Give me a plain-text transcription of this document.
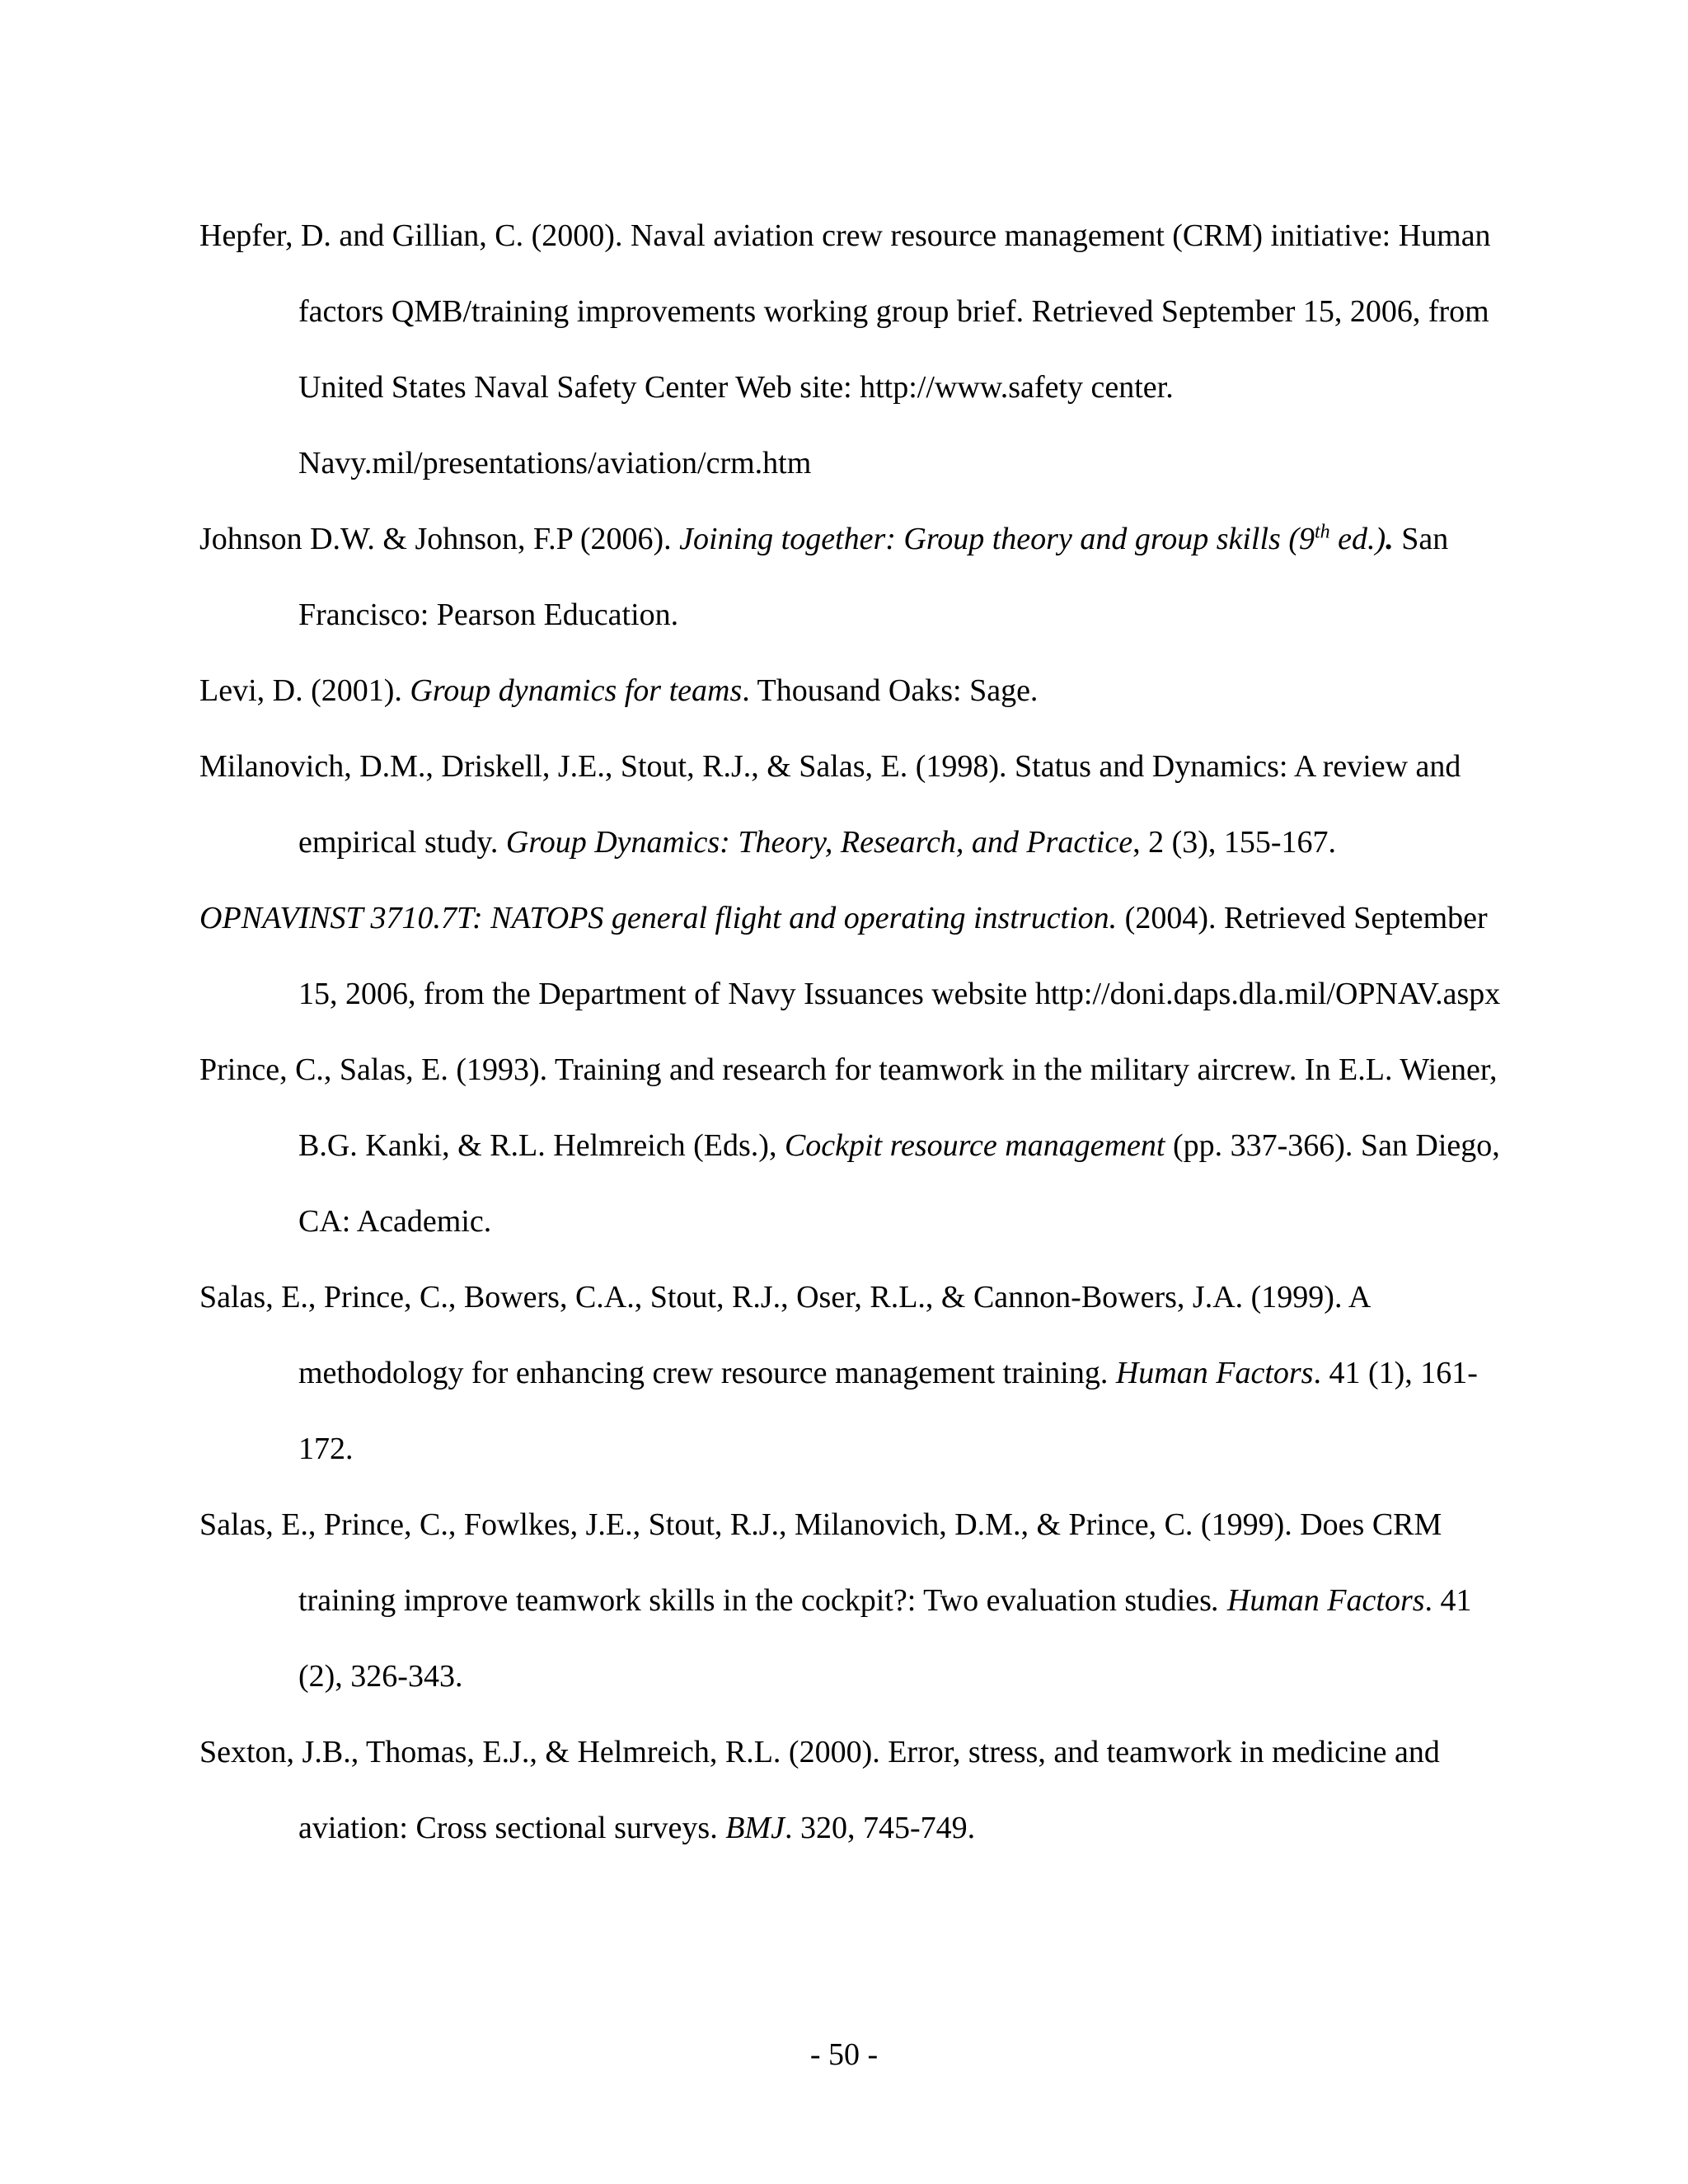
Hepfer, D. and Gillian, C. (2000). Naval aviation crew resource management (CRM) initiative: Human factors QMB/training improvements working group brief. Retrieved September 15, 2006, from United States Naval Safety Center Web site: http://www.safety center. Navy.mil/presentations/aviation/crm.htm
Johnson D.W. & Johnson, F.P (2006). Joining together: Group theory and group skills (9th ed.). San Francisco: Pearson Education.
Levi, D. (2001). Group dynamics for teams. Thousand Oaks: Sage.
Milanovich, D.M., Driskell, J.E., Stout, R.J., & Salas, E. (1998). Status and Dynamics: A review and empirical study. Group Dynamics: Theory, Research, and Practice, 2 (3), 155-167.
OPNAVINST 3710.7T: NATOPS general flight and operating instruction. (2004). Retrieved September 15, 2006, from the Department of Navy Issuances website http://doni.daps.dla.mil/OPNAV.aspx
Prince, C., Salas, E. (1993). Training and research for teamwork in the military aircrew. In E.L. Wiener, B.G. Kanki, & R.L. Helmreich (Eds.), Cockpit resource management (pp. 337-366). San Diego, CA: Academic.
Salas, E., Prince, C., Bowers, C.A., Stout, R.J., Oser, R.L., & Cannon-Bowers, J.A. (1999). A methodology for enhancing crew resource management training. Human Factors. 41 (1), 161-172.
Salas, E., Prince, C., Fowlkes, J.E., Stout, R.J., Milanovich, D.M., & Prince, C. (1999). Does CRM training improve teamwork skills in the cockpit?: Two evaluation studies. Human Factors. 41 (2), 326-343.
Sexton, J.B., Thomas, E.J., & Helmreich, R.L. (2000). Error, stress, and teamwork in medicine and aviation: Cross sectional surveys. BMJ. 320, 745-749.
- 50 -
